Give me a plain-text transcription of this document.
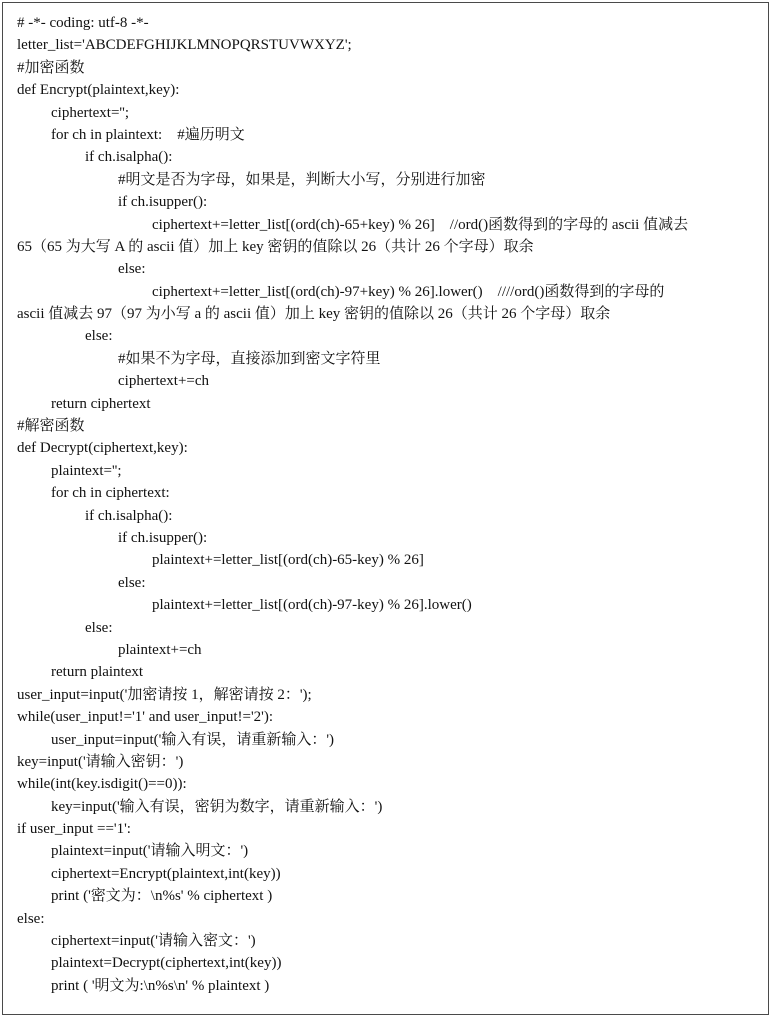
# -*- coding: utf-8 -*-
letter_list='ABCDEFGHIJKLMNOPQRSTUVWXYZ';
#加密函数
def Encrypt(plaintext,key):
ciphertext='';
for ch in plaintext:    #遍历明文
if ch.isalpha():
#明文是否为字母，如果是，判断大小写，分别进行加密
if ch.isupper():
ciphertext+=letter_list[(ord(ch)-65+key) % 26]    //ord()函数得到的字母的 ascii 值减去
65（65 为大写 A 的 ascii 值）加上 key 密钥的值除以 26（共计 26 个字母）取余
else:
ciphertext+=letter_list[(ord(ch)-97+key) % 26].lower()    ////ord()函数得到的字母的
ascii 值减去 97（97 为小写 a 的 ascii 值）加上 key 密钥的值除以 26（共计 26 个字母）取余
else:
#如果不为字母，直接添加到密文字符里
ciphertext+=ch
return ciphertext
#解密函数
def Decrypt(ciphertext,key):
plaintext='';
for ch in ciphertext:
if ch.isalpha():
if ch.isupper():
plaintext+=letter_list[(ord(ch)-65-key) % 26]
else:
plaintext+=letter_list[(ord(ch)-97-key) % 26].lower()
else:
plaintext+=ch
return plaintext
user_input=input('加密请按 1，解密请按 2：');
while(user_input!='1' and user_input!='2'):
user_input=input('输入有误，请重新输入：')
key=input('请输入密钥：')
while(int(key.isdigit()==0)):
key=input('输入有误，密钥为数字，请重新输入：')
if user_input =='1':
plaintext=input('请输入明文：')
ciphertext=Encrypt(plaintext,int(key))
print ('密文为：\n%s' % ciphertext )
else:
ciphertext=input('请输入密文：')
plaintext=Decrypt(ciphertext,int(key))
print ( '明文为:\n%s\n' % plaintext )
